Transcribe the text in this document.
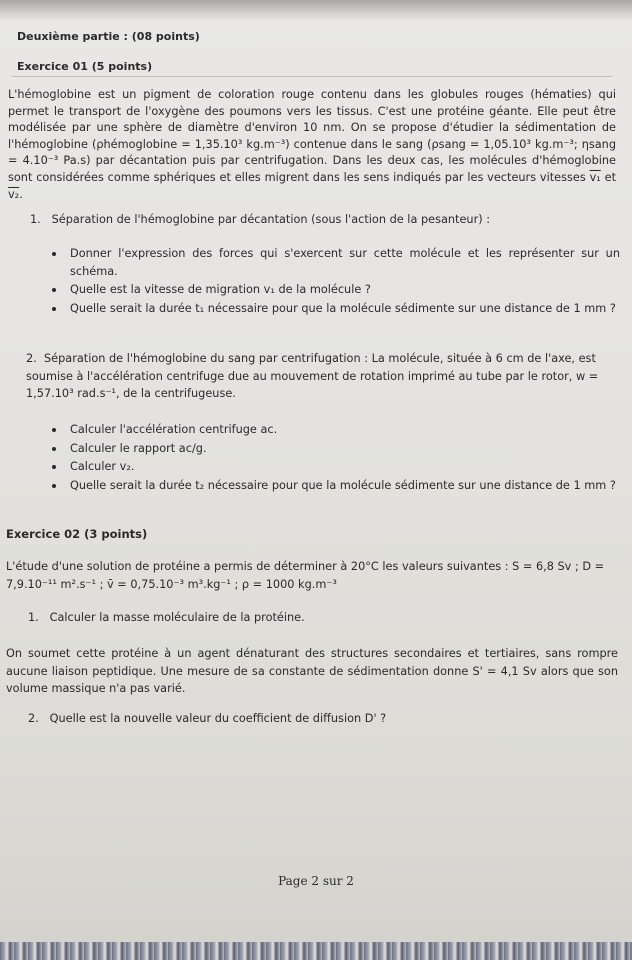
Deuxième partie : (08 points)
Exercice 01 (5 points)
L'hémoglobine est un pigment de coloration rouge contenu dans les globules rouges (hématies) qui permet le transport de l'oxygène des poumons vers les tissus. C'est une protéine géante. Elle peut être modélisée par une sphère de diamètre d'environ 10 nm. On se propose d'étudier la sédimentation de l'hémoglobine (ρhémoglobine = 1,35.10³ kg.m⁻³) contenue dans le sang (ρsang = 1,05.10³ kg.m⁻³; ηsang = 4.10⁻³ Pa.s) par décantation puis par centrifugation. Dans les deux cas, les molécules d'hémoglobine sont considérées comme sphériques et elles migrent dans les sens indiqués par les vecteurs vitesses v₁ et v₂.
1. Séparation de l'hémoglobine par décantation (sous l'action de la pesanteur) :
Donner l'expression des forces qui s'exercent sur cette molécule et les représenter sur un schéma.
Quelle est la vitesse de migration v₁ de la molécule ?
Quelle serait la durée t₁ nécessaire pour que la molécule sédimente sur une distance de 1 mm ?
2. Séparation de l'hémoglobine du sang par centrifugation : La molécule, située à 6 cm de l'axe, est soumise à l'accélération centrifuge due au mouvement de rotation imprimé au tube par le rotor, w = 1,57.10³ rad.s⁻¹, de la centrifugeuse.
Calculer l'accélération centrifuge ac.
Calculer le rapport ac/g.
Calculer v₂.
Quelle serait la durée t₂ nécessaire pour que la molécule sédimente sur une distance de 1 mm ?
Exercice 02 (3 points)
L'étude d'une solution de protéine a permis de déterminer à 20°C les valeurs suivantes : S = 6,8 Sv ; D = 7,9.10⁻¹¹ m².s⁻¹ ; v̄ = 0,75.10⁻³ m³.kg⁻¹ ; ρ = 1000 kg.m⁻³
1. Calculer la masse moléculaire de la protéine.
On soumet cette protéine à un agent dénaturant des structures secondaires et tertiaires, sans rompre aucune liaison peptidique. Une mesure de sa constante de sédimentation donne S' = 4,1 Sv alors que son volume massique n'a pas varié.
2. Quelle est la nouvelle valeur du coefficient de diffusion D' ?
Page 2 sur 2
